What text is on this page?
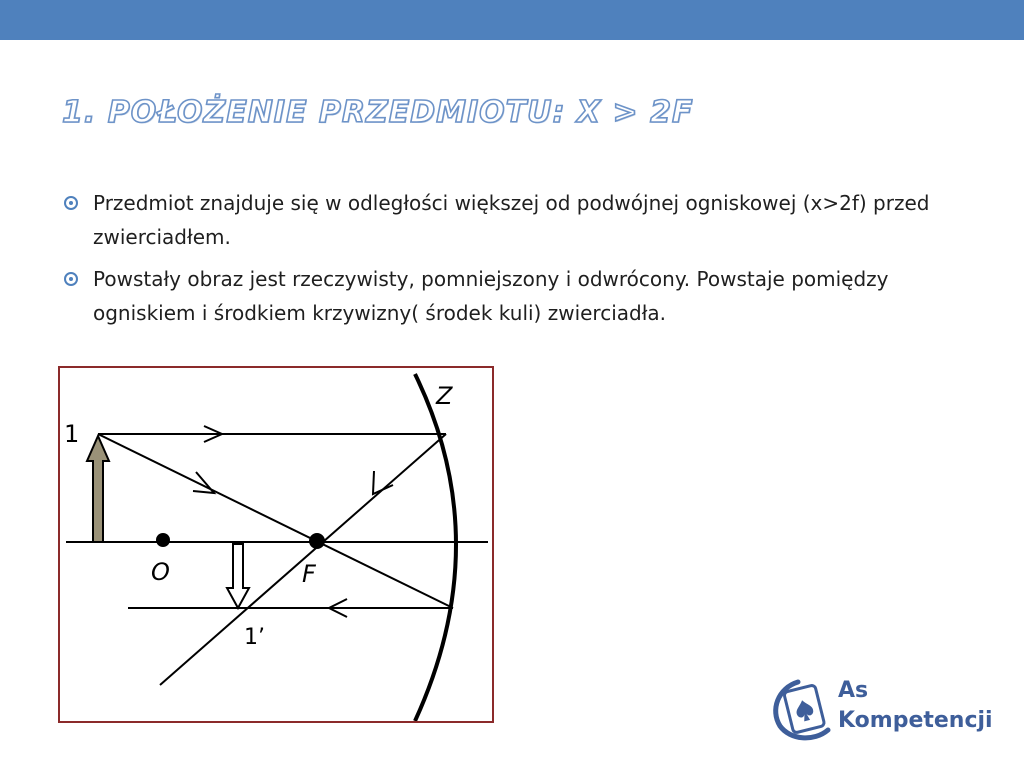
1. POŁOŻENIE PRZEDMIOTU: X > 2F
Przedmiot znajduje się w odległości większej od podwójnej ogniskowej (x>2f) przed zwierciadłem.
Powstały obraz jest rzeczywisty, pomniejszony i odwrócony. Powstaje pomiędzy ogniskiem i środkiem krzywizny( środek kuli) zwierciadła.
Z
1
1’
O	F
As
Kompetencji
